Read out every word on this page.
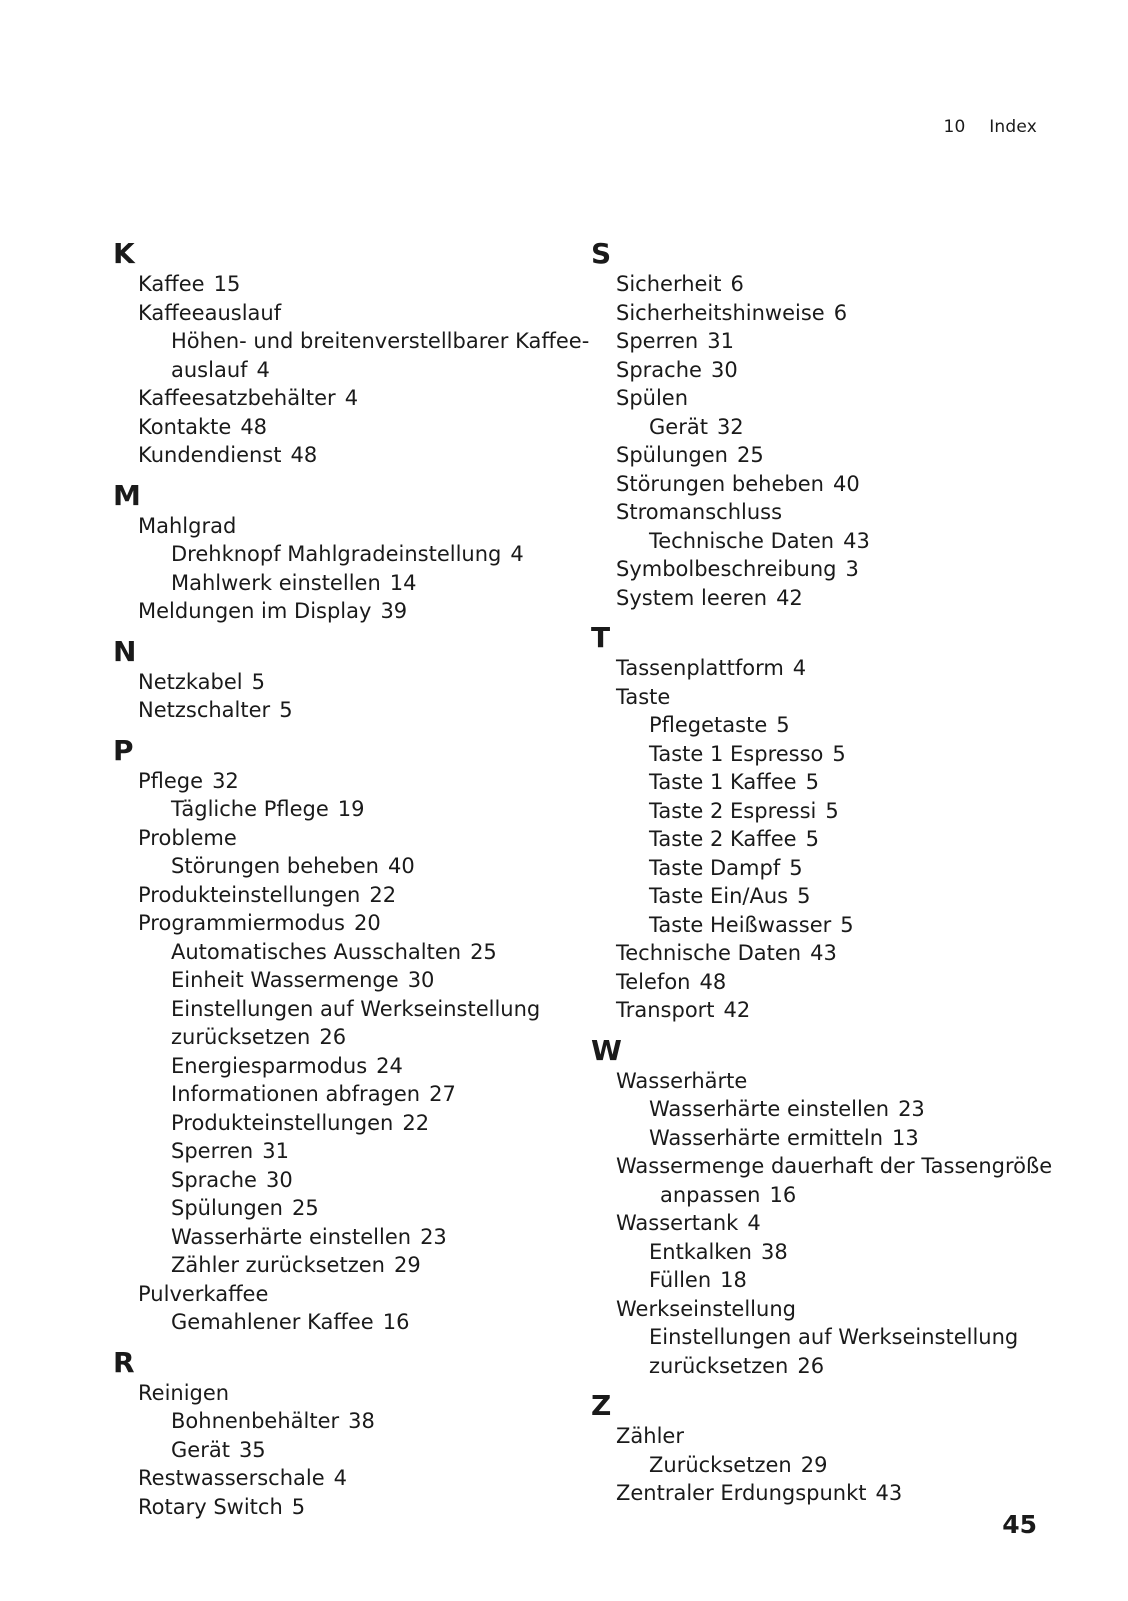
10 Index
K
Kaffee 15
Kaffeeauslauf
Höhen- und breitenverstellbarer Kaffee-
auslauf 4
Kaffeesatzbehälter 4
Kontakte 48
Kundendienst 48
M
Mahlgrad
Drehknopf Mahlgradeinstellung 4
Mahlwerk einstellen 14
Meldungen im Display 39
N
Netzkabel 5
Netzschalter 5
P
Pflege 32
Tägliche Pflege 19
Probleme
Störungen beheben 40
Produkteinstellungen 22
Programmiermodus 20
Automatisches Ausschalten 25
Einheit Wassermenge 30
Einstellungen auf Werkseinstellung
zurücksetzen 26
Energiesparmodus 24
Informationen abfragen 27
Produkteinstellungen 22
Sperren 31
Sprache 30
Spülungen 25
Wasserhärte einstellen 23
Zähler zurücksetzen 29
Pulverkaffee
Gemahlener Kaffee 16
R
Reinigen
Bohnenbehälter 38
Gerät 35
Restwasserschale 4
Rotary Switch 5
S
Sicherheit 6
Sicherheitshinweise 6
Sperren 31
Sprache 30
Spülen
Gerät 32
Spülungen 25
Störungen beheben 40
Stromanschluss
Technische Daten 43
Symbolbeschreibung 3
System leeren 42
T
Tassenplattform 4
Taste
Pflegetaste 5
Taste 1 Espresso 5
Taste 1 Kaffee 5
Taste 2 Espressi 5
Taste 2 Kaffee 5
Taste Dampf 5
Taste Ein/Aus 5
Taste Heißwasser 5
Technische Daten 43
Telefon 48
Transport 42
W
Wasserhärte
Wasserhärte einstellen 23
Wasserhärte ermitteln 13
Wassermenge dauerhaft der Tassengröße
anpassen 16
Wassertank 4
Entkalken 38
Füllen 18
Werkseinstellung
Einstellungen auf Werkseinstellung
zurücksetzen 26
Z
Zähler
Zurücksetzen 29
Zentraler Erdungspunkt 43
45
